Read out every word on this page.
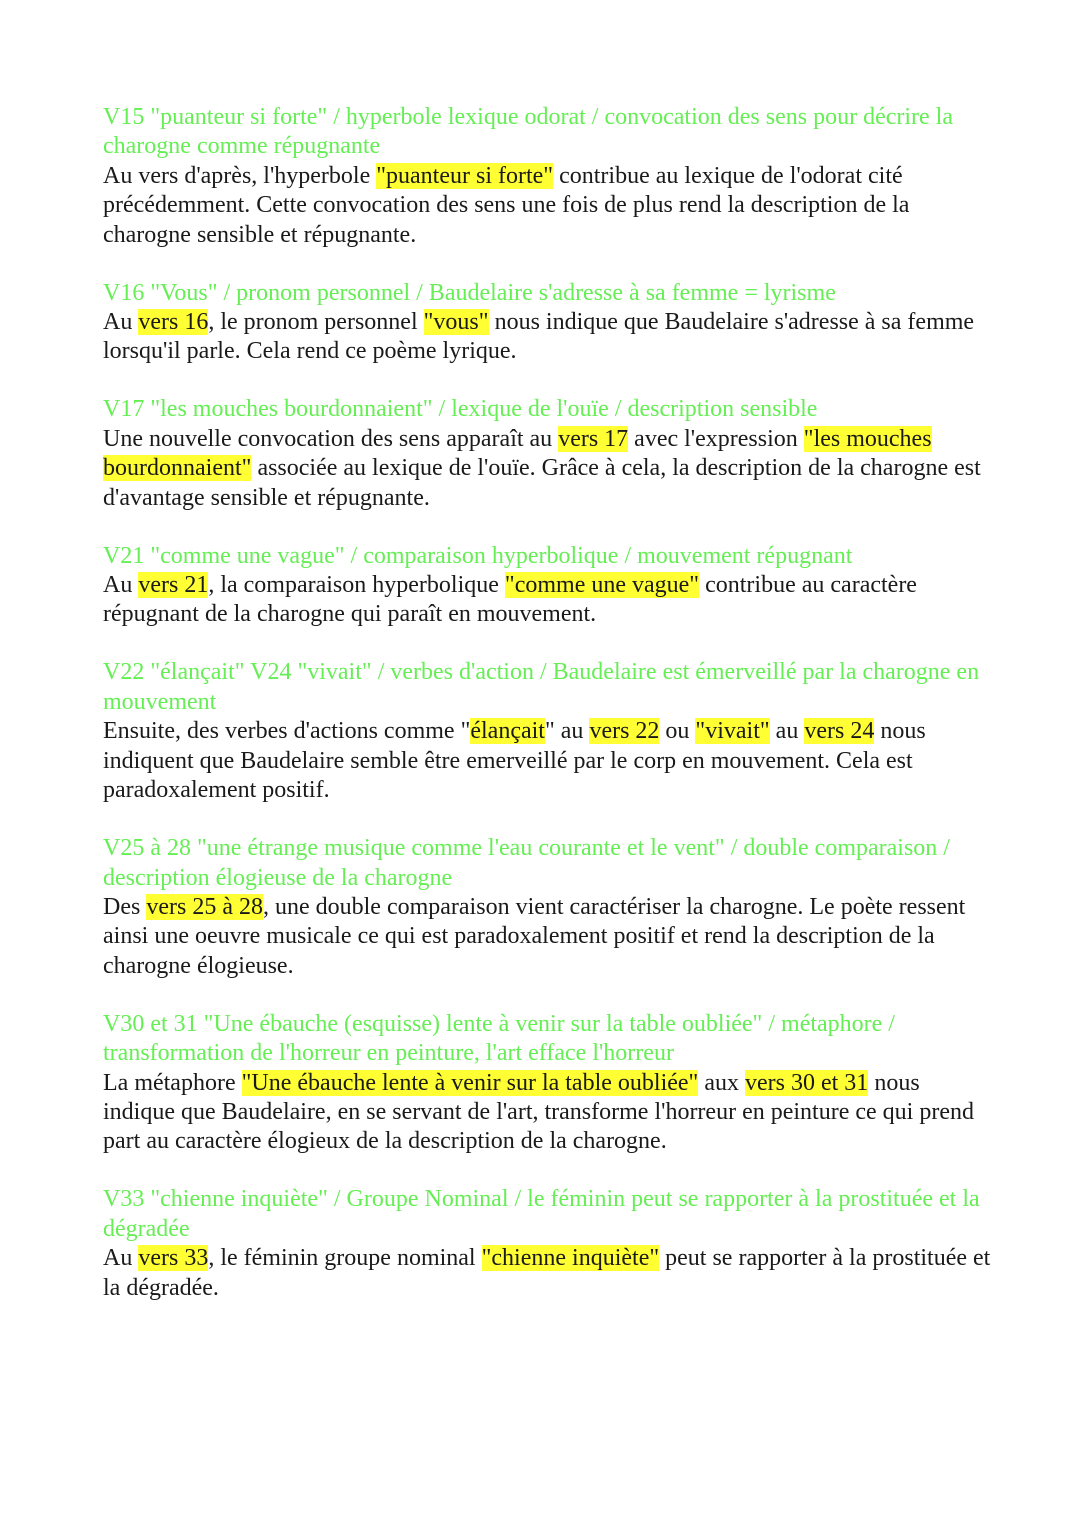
V15 "puanteur si forte" / hyperbole lexique odorat / convocation des sens pour décrire la charogne comme répugnante
Au vers d'après, l'hyperbole "puanteur si forte" contribue au lexique de l'odorat cité précédemment. Cette convocation des sens une fois de plus rend la description de la charogne sensible et répugnante.
V16 "Vous" / pronom personnel / Baudelaire s'adresse à sa femme = lyrisme
Au vers 16, le pronom personnel "vous" nous indique que Baudelaire s'adresse à sa femme lorsqu'il parle. Cela rend ce poème lyrique.
V17 "les mouches bourdonnaient" / lexique de l'ouïe / description sensible
Une nouvelle convocation des sens apparaît au vers 17 avec l'expression "les mouches bourdonnaient" associée au lexique de l'ouïe. Grâce à cela, la description de la charogne est d'avantage sensible et répugnante.
V21 "comme une vague" / comparaison hyperbolique / mouvement répugnant
Au vers 21, la comparaison hyperbolique "comme une vague" contribue au caractère répugnant de la charogne qui paraît en mouvement.
V22 "élançait" V24 "vivait" / verbes d'action / Baudelaire est émerveillé par la charogne en mouvement
Ensuite, des verbes d'actions comme "élançait" au vers 22 ou "vivait" au vers 24 nous indiquent que Baudelaire semble être emerveillé par le corp en mouvement. Cela est paradoxalement positif.
V25 à 28 "une étrange musique comme l'eau courante et le vent" / double comparaison / description élogieuse de la charogne
Des vers 25 à 28, une double comparaison vient caractériser la charogne. Le poète ressent ainsi une oeuvre musicale ce qui est paradoxalement positif et rend la description de la charogne élogieuse.
V30 et 31 "Une ébauche (esquisse) lente à venir sur la table oubliée" / métaphore / transformation de l'horreur en peinture, l'art efface l'horreur
La métaphore "Une ébauche lente à venir sur la table oubliée" aux vers 30 et 31 nous indique que Baudelaire, en se servant de l'art, transforme l'horreur en peinture ce qui prend part au caractère élogieux de la description de la charogne.
V33 "chienne inquiète" / Groupe Nominal / le féminin peut se rapporter à la prostituée et la dégradée
Au vers 33, le féminin groupe nominal "chienne inquiète" peut se rapporter à la prostituée et la dégradée.
